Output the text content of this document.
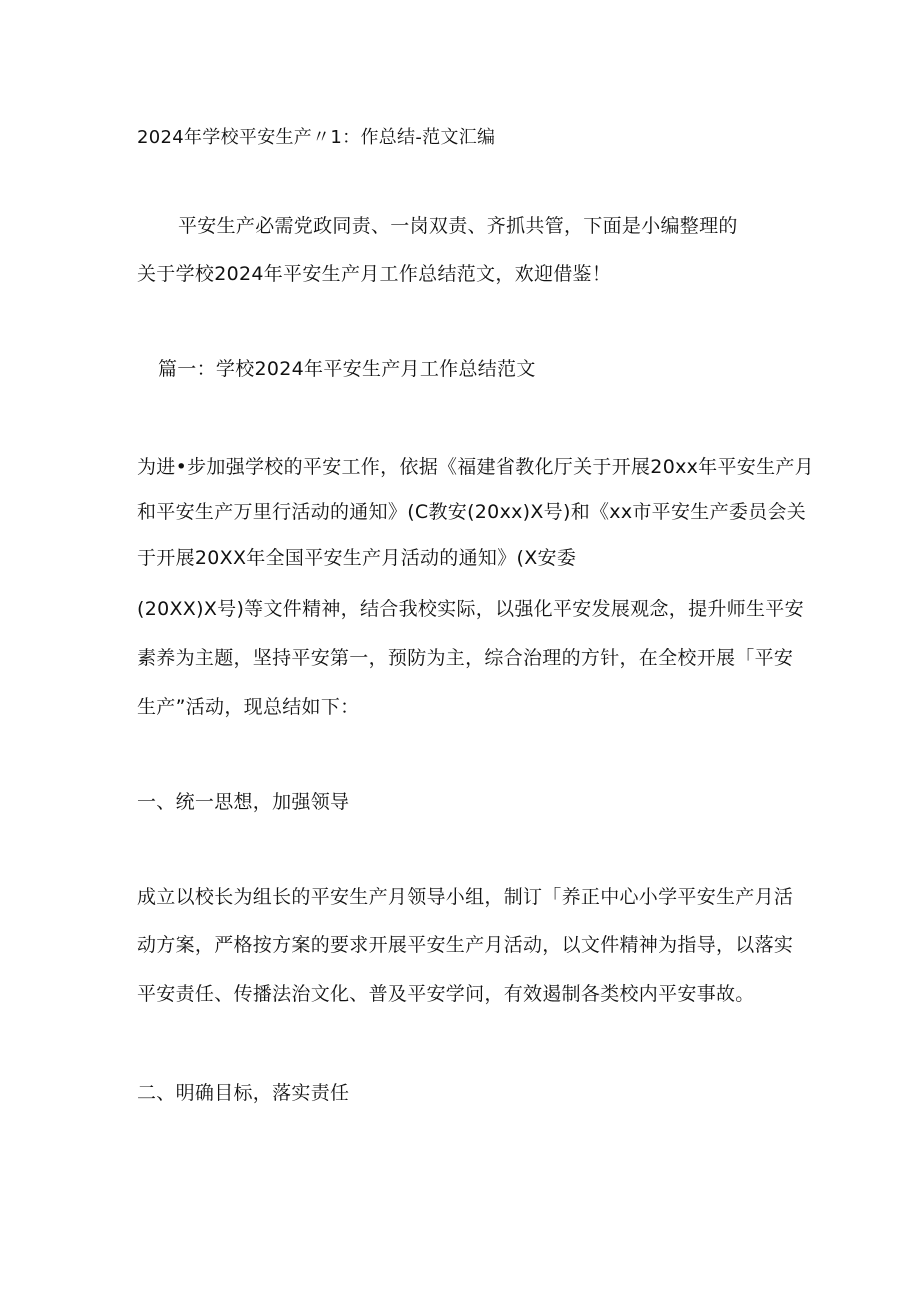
2024年学校平安生产〃1：作总结-范文汇编
平安生产必需党政同责、一岗双责、齐抓共管，下面是小编整理的
关于学校2024年平安生产月工作总结范文，欢迎借鉴！
篇一：学校2024年平安生产月工作总结范文
为进•步加强学校的平安工作，依据《福建省教化厅关于开展20xx年平安生产月
和平安生产万里行活动的通知》(C教安(20xx)X号)和《xx市平安生产委员会关
于开展20XX年全国平安生产月活动的通知》(X安委
(20XX)X号)等文件精神，结合我校实际，以强化平安发展观念，提升师生平安
素养为主题，坚持平安第一，预防为主，综合治理的方针，在全校开展「平安
生产”活动，现总结如下：
一、统一思想，加强领导
成立以校长为组长的平安生产月领导小组，制订「养正中心小学平安生产月活
动方案，严格按方案的要求开展平安生产月活动，以文件精神为指导，以落实
平安责任、传播法治文化、普及平安学问，有效遏制各类校内平安事故。
二、明确目标，落实责任
